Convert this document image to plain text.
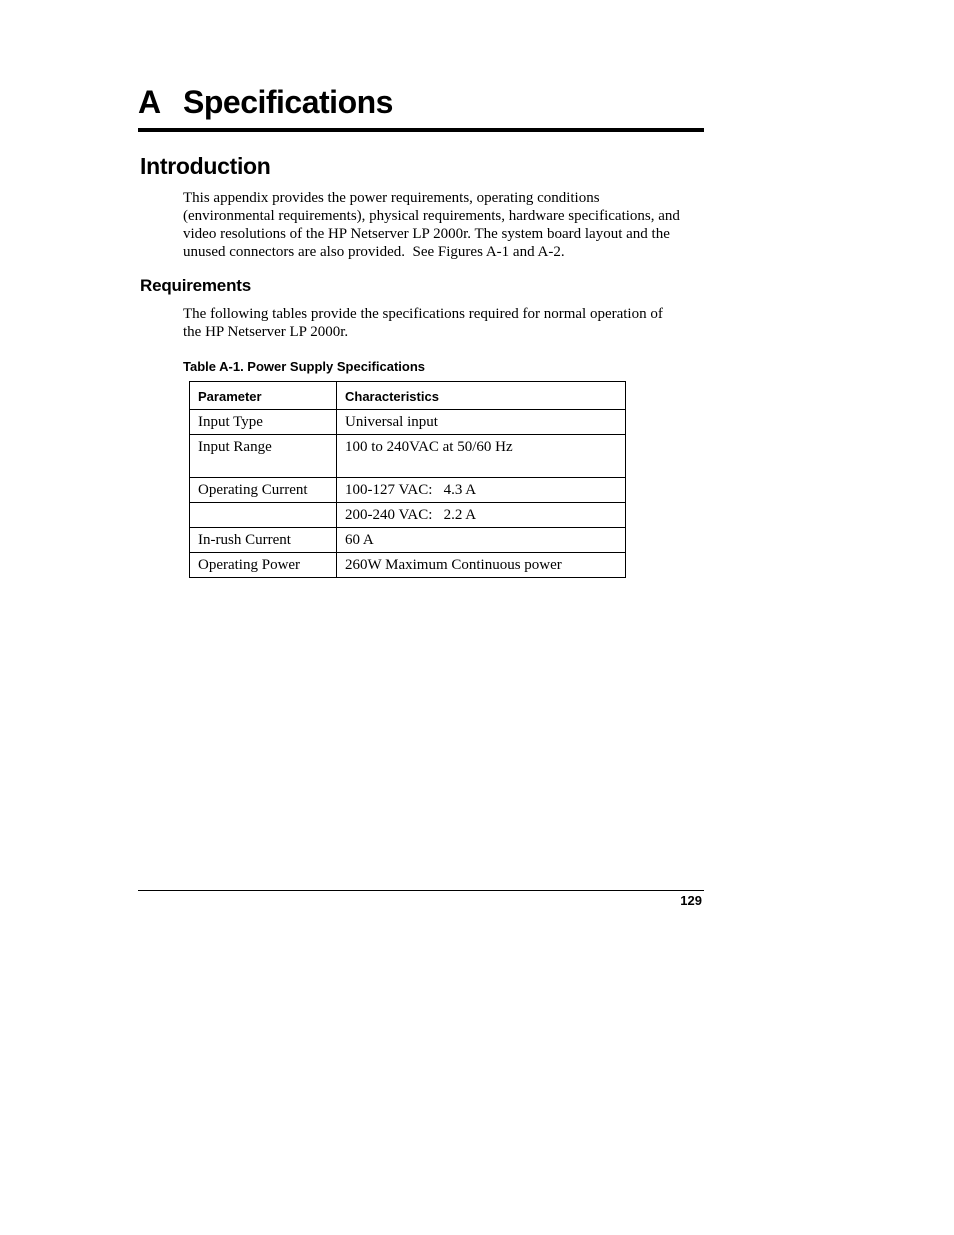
A Specifications
Introduction

This appendix provides the power requirements, operating conditions
(environmental requirements), physical requirements, hardware specifications, and
video resolutions of the HP Netserver LP 2000r. The system board layout and the
unused connectors are also provided.  See Figures A-1 and A-2.

Requirements

The following tables provide the specifications required for normal operation of
the HP Netserver LP 2000r.

Table A-1. Power Supply Specifications

Parameter	Characteristics
Input Type	Universal input
Input Range	100 to 240VAC at 50/60 Hz
Operating Current	100-127 VAC:   4.3 A
	200-240 VAC:   2.2 A
In-rush Current	60 A
Operating Power	260W Maximum Continuous power

129
